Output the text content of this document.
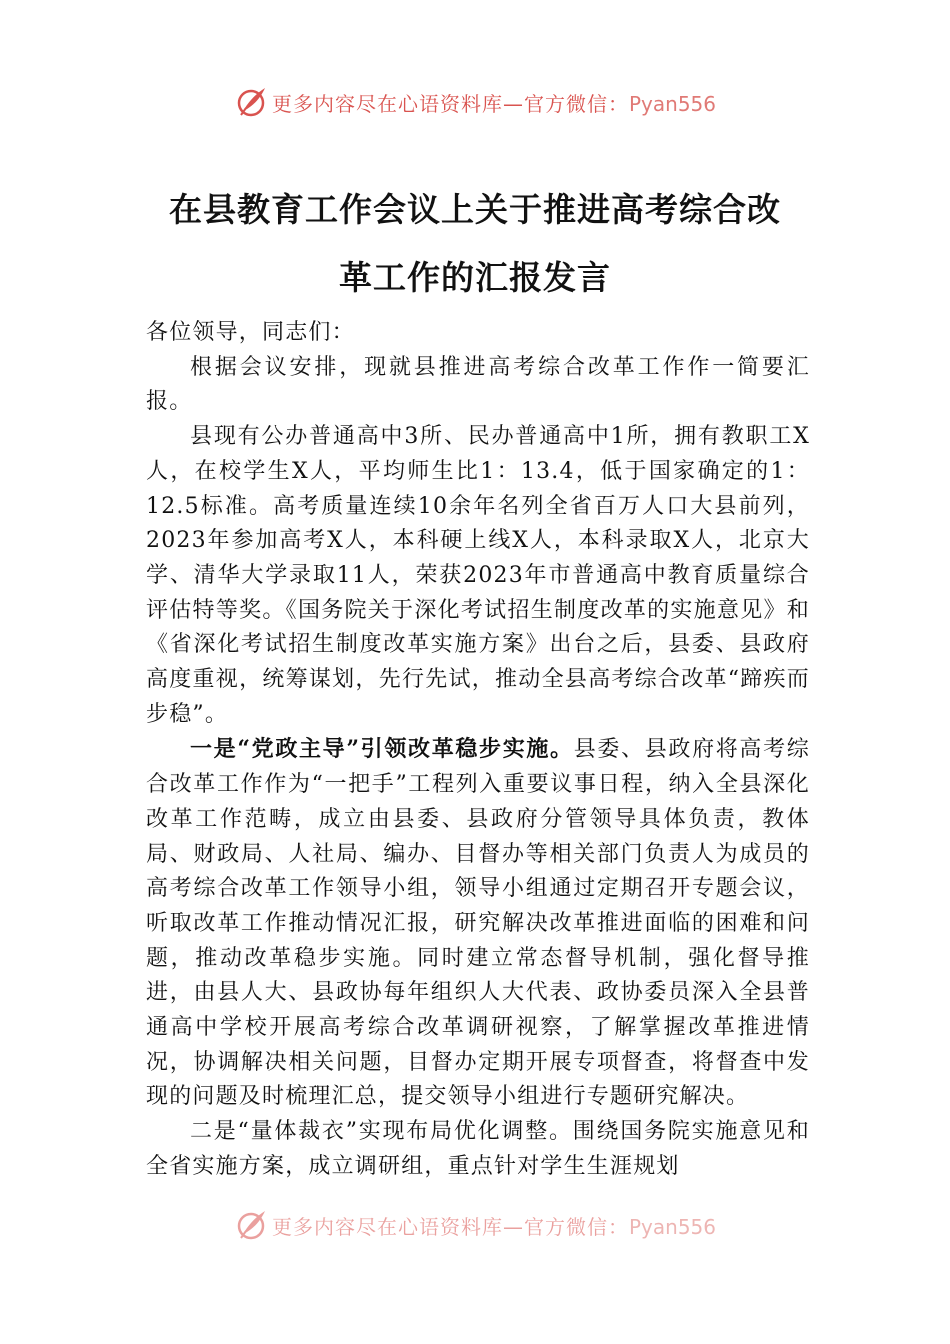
更多内容尽在心语资料库—官方微信：Pyan556
在县教育工作会议上关于推进高考综合改
革工作的汇报发言

各位领导，同志们：

根据会议安排，现就县推进高考综合改革工作作一简要汇报。

县现有公办普通高中3所、民办普通高中1所，拥有教职工X人，在校学生X人，平均师生比1：13.4，低于国家确定的1：12.5标准。高考质量连续10余年名列全省百万人口大县前列，2023年参加高考X人，本科硬上线X人，本科录取X人，北京大学、清华大学录取11人，荣获2023年市普通高中教育质量综合评估特等奖。《国务院关于深化考试招生制度改革的实施意见》和《省深化考试招生制度改革实施方案》出台之后，县委、县政府高度重视，统筹谋划，先行先试，推动全县高考综合改革“蹄疾而步稳”。

一是“党政主导”引领改革稳步实施。县委、县政府将高考综合改革工作作为“一把手”工程列入重要议事日程，纳入全县深化改革工作范畴，成立由县委、县政府分管领导具体负责，教体局、财政局、人社局、编办、目督办等相关部门负责人为成员的高考综合改革工作领导小组，领导小组通过定期召开专题会议，听取改革工作推动情况汇报，研究解决改革推进面临的困难和问题，推动改革稳步实施。同时建立常态督导机制，强化督导推进，由县人大、县政协每年组织人大代表、政协委员深入全县普通高中学校开展高考综合改革调研视察，了解掌握改革推进情况，协调解决相关问题，目督办定期开展专项督查，将督查中发现的问题及时梳理汇总，提交领导小组进行专题研究解决。

二是“量体裁衣”实现布局优化调整。围绕国务院实施意见和全省实施方案，成立调研组，重点针对学生生涯规划

更多内容尽在心语资料库—官方微信：Pyan556
